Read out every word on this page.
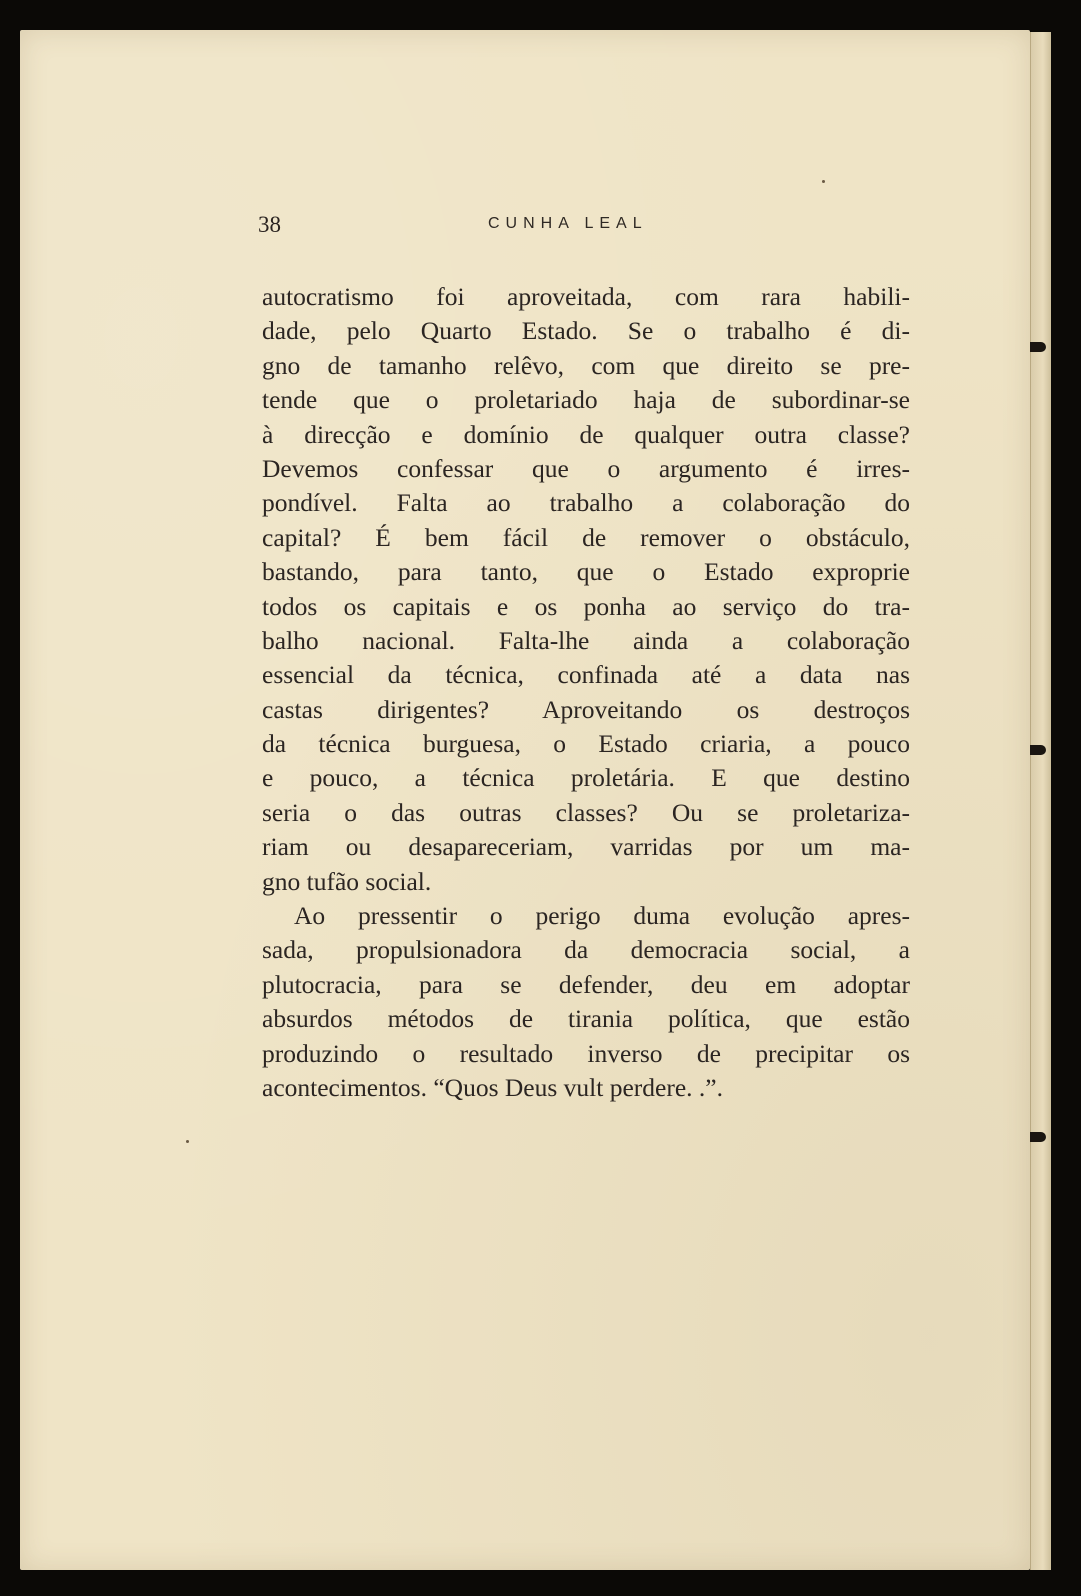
38	CUNHA LEAL
autocratismo foi aproveitada, com rara habili-
dade, pelo Quarto Estado. Se o trabalho é di-
gno de tamanho relêvo, com que direito se pre-
tende que o proletariado haja de subordinar-se
à direcção e domínio de qualquer outra classe?
Devemos confessar que o argumento é irres-
pondível. Falta ao trabalho a colaboração do
capital? É bem fácil de remover o obstáculo,
bastando, para tanto, que o Estado exproprie
todos os capitais e os ponha ao serviço do tra-
balho nacional. Falta-lhe ainda a colaboração
essencial da técnica, confinada até a data nas
castas dirigentes? Aproveitando os destroços
da técnica burguesa, o Estado criaria, a pouco
e pouco, a técnica proletária. E que destino
seria o das outras classes? Ou se proletariza-
riam ou desapareceriam, varridas por um ma-
gno tufão social.
Ao pressentir o perigo duma evolução apres-
sada, propulsionadora da democracia social, a
plutocracia, para se defender, deu em adoptar
absurdos métodos de tirania política, que estão
produzindo o resultado inverso de precipitar os
acontecimentos. “Quos Deus vult perdere. .”.
